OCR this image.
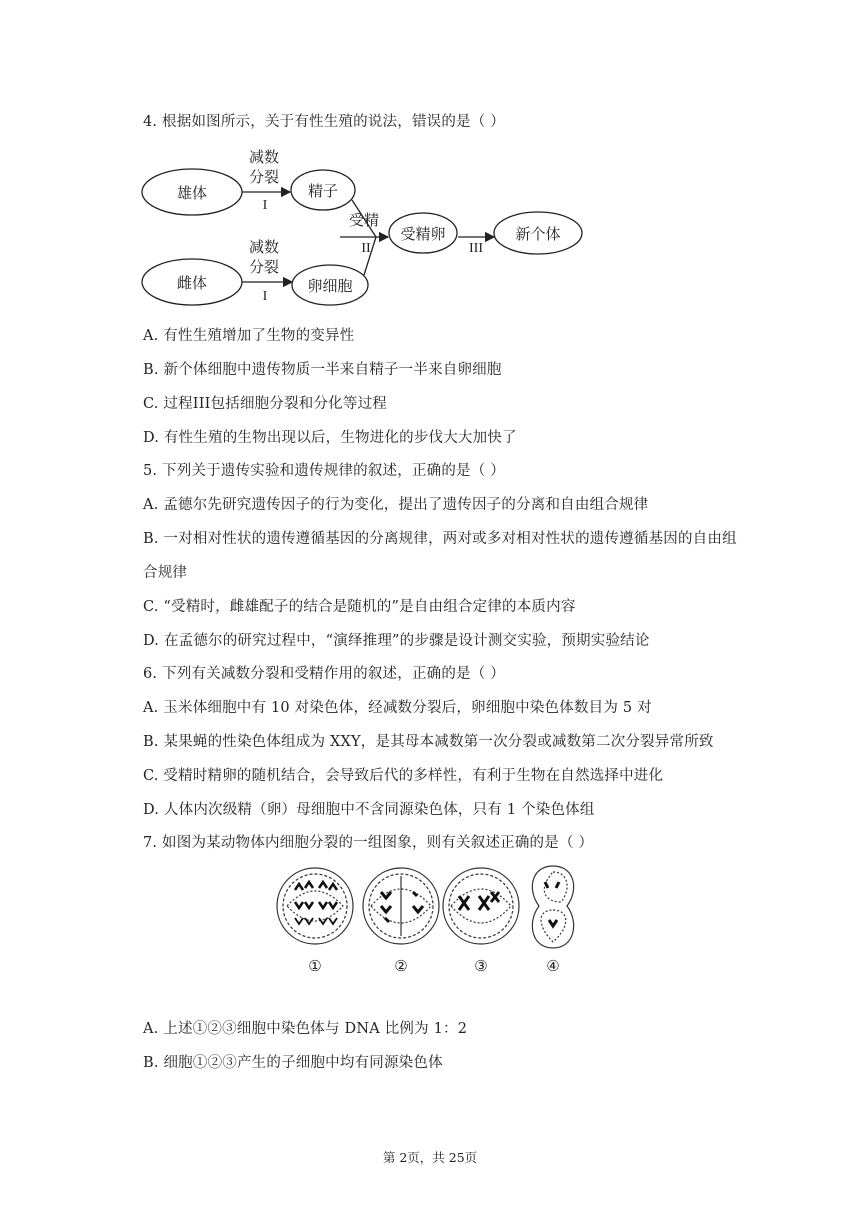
4. 根据如图所示，关于有性生殖的说法，错误的是（ ）
雄体
雌体
减数
分裂
减数
分裂
精子
卵细胞
受精
受精卵	新个体
I
I
II	III
A. 有性生殖增加了生物的变异性
B. 新个体细胞中遗传物质一半来自精子一半来自卵细胞
C. 过程III包括细胞分裂和分化等过程
D. 有性生殖的生物出现以后，生物进化的步伐大大加快了
5. 下列关于遗传实验和遗传规律的叙述，正确的是（ ）
A. 孟德尔先研究遗传因子的行为变化，提出了遗传因子的分离和自由组合规律
B. 一对相对性状的遗传遵循基因的分离规律，两对或多对相对性状的遗传遵循基因的自由组
合规律
C. “受精时，雌雄配子的结合是随机的”是自由组合定律的本质内容
D. 在孟德尔的研究过程中，“演绎推理”的步骤是设计测交实验，预期实验结论
6. 下列有关减数分裂和受精作用的叙述，正确的是（ ）
A. 玉米体细胞中有 10 对染色体，经减数分裂后，卵细胞中染色体数目为 5 对
B. 某果蝇的性染色体组成为 XXY，是其母本减数第一次分裂或减数第二次分裂异常所致
C. 受精时精卵的随机结合，会导致后代的多样性，有利于生物在自然选择中进化
D. 人体内次级精（卵）母细胞中不含同源染色体，只有 1 个染色体组
7. 如图为某动物体内细胞分裂的一组图象，则有关叙述正确的是（ ）
①	②	③	④
A. 上述①②③细胞中染色体与 DNA 比例为 1：2
B. 细胞①②③产生的子细胞中均有同源染色体
第 2页，共 25页
